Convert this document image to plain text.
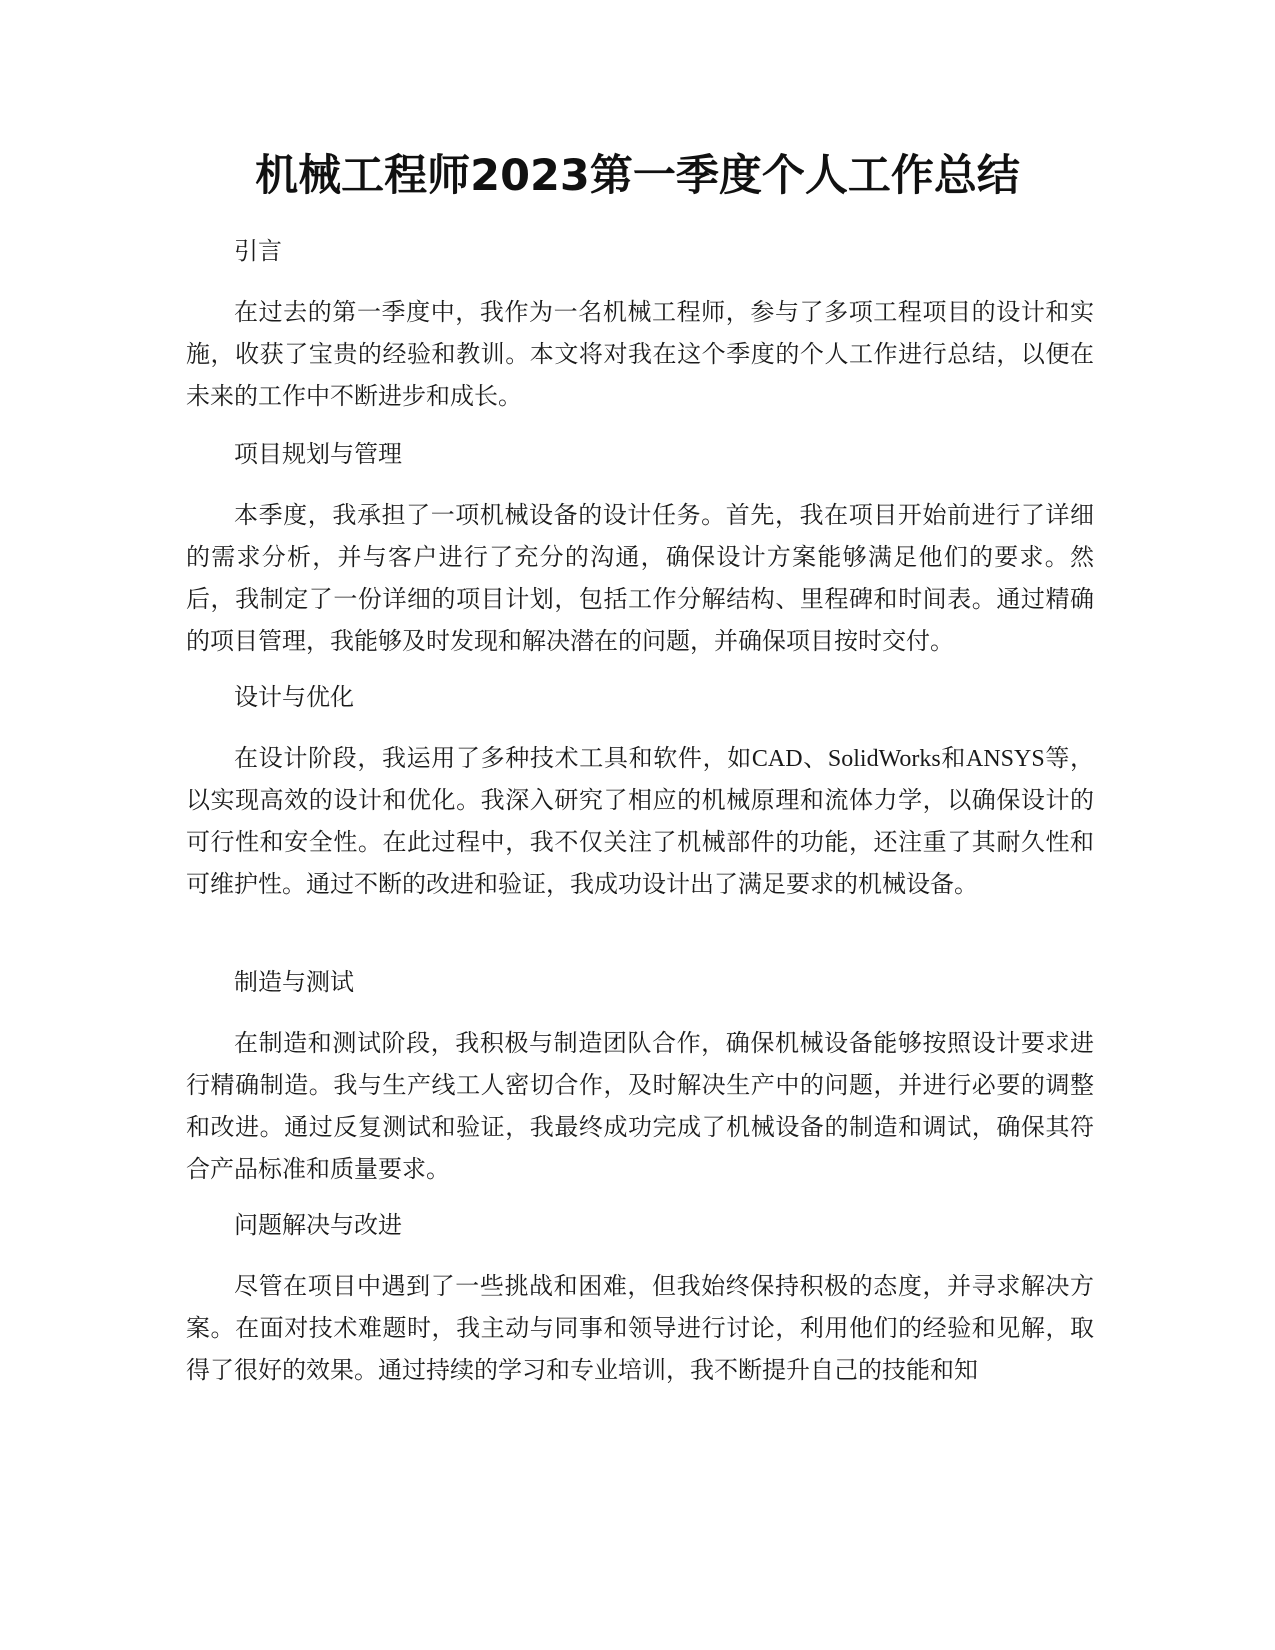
机械工程师2023第一季度个人工作总结

引言

在过去的第一季度中，我作为一名机械工程师，参与了多项工程项目的设计和实施，收获了宝贵的经验和教训。本文将对我在这个季度的个人工作进行总结，以便在未来的工作中不断进步和成长。

项目规划与管理

本季度，我承担了一项机械设备的设计任务。首先，我在项目开始前进行了详细的需求分析，并与客户进行了充分的沟通，确保设计方案能够满足他们的要求。然后，我制定了一份详细的项目计划，包括工作分解结构、里程碑和时间表。通过精确的项目管理，我能够及时发现和解决潜在的问题，并确保项目按时交付。

设计与优化

在设计阶段，我运用了多种技术工具和软件，如CAD、SolidWorks和ANSYS等，以实现高效的设计和优化。我深入研究了相应的机械原理和流体力学，以确保设计的可行性和安全性。在此过程中，我不仅关注了机械部件的功能，还注重了其耐久性和可维护性。通过不断的改进和验证，我成功设计出了满足要求的机械设备。

制造与测试

在制造和测试阶段，我积极与制造团队合作，确保机械设备能够按照设计要求进行精确制造。我与生产线工人密切合作，及时解决生产中的问题，并进行必要的调整和改进。通过反复测试和验证，我最终成功完成了机械设备的制造和调试，确保其符合产品标准和质量要求。

问题解决与改进

尽管在项目中遇到了一些挑战和困难，但我始终保持积极的态度，并寻求解决方案。在面对技术难题时，我主动与同事和领导进行讨论，利用他们的经验和见解，取得了很好的效果。通过持续的学习和专业培训，我不断提升自己的技能和知
